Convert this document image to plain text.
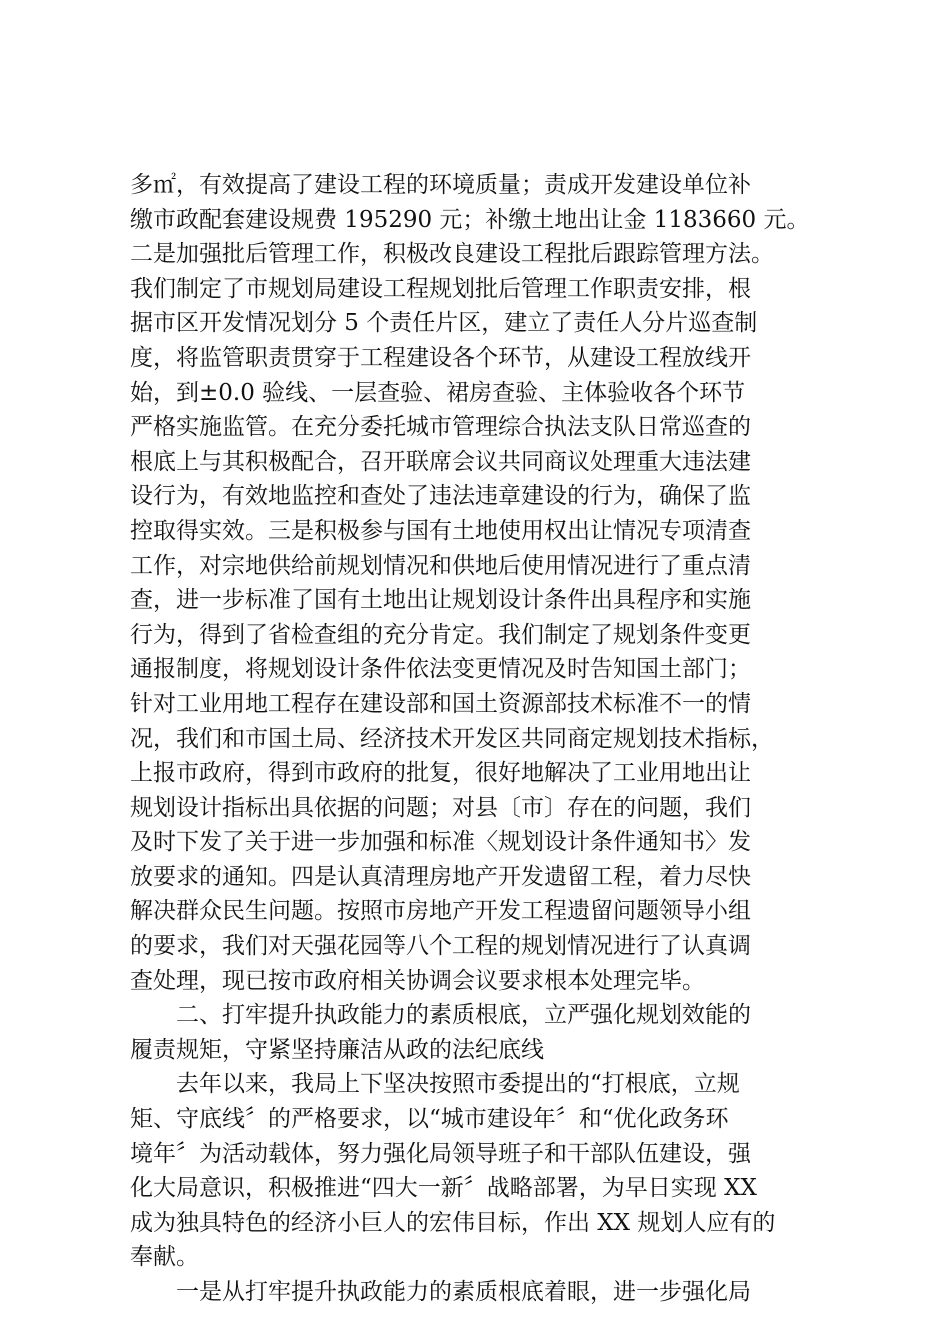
多㎡，有效提高了建设工程的环境质量；责成开发建设单位补
缴市政配套建设规费 195290 元；补缴土地出让金 1183660 元。
二是加强批后管理工作，积极改良建设工程批后跟踪管理方法。
我们制定了市规划局建设工程规划批后管理工作职责安排，根
据市区开发情况划分 5 个责任片区，建立了责任人分片巡查制
度，将监管职责贯穿于工程建设各个环节，从建设工程放线开
始，到±0.0 验线、一层查验、裙房查验、主体验收各个环节
严格实施监管。在充分委托城市管理综合执法支队日常巡查的
根底上与其积极配合，召开联席会议共同商议处理重大违法建
设行为，有效地监控和查处了违法违章建设的行为，确保了监
控取得实效。三是积极参与国有土地使用权出让情况专项清查
工作，对宗地供给前规划情况和供地后使用情况进行了重点清
查，进一步标准了国有土地出让规划设计条件出具程序和实施
行为，得到了省检查组的充分肯定。我们制定了规划条件变更
通报制度，将规划设计条件依法变更情况及时告知国土部门；
针对工业用地工程存在建设部和国土资源部技术标准不一的情
况，我们和市国土局、经济技术开发区共同商定规划技术指标，
上报市政府，得到市政府的批复，很好地解决了工业用地出让
规划设计指标出具依据的问题；对县〔市〕存在的问题，我们
及时下发了关于进一步加强和标准〈规划设计条件通知书〉发
放要求的通知。四是认真清理房地产开发遗留工程，着力尽快
解决群众民生问题。按照市房地产开发工程遗留问题领导小组
的要求，我们对天强花园等八个工程的规划情况进行了认真调
查处理，现已按市政府相关协调会议要求根本处理完毕。
二、打牢提升执政能力的素质根底，立严强化规划效能的
履责规矩，守紧坚持廉洁从政的法纪底线
去年以来，我局上下坚决按照市委提出的“打根底，立规
矩、守底线〞的严格要求，以“城市建设年〞和“优化政务环
境年〞为活动载体，努力强化局领导班子和干部队伍建设，强
化大局意识，积极推进“四大一新〞战略部署，为早日实现 XX
成为独具特色的经济小巨人的宏伟目标，作出 XX 规划人应有的
奉献。
一是从打牢提升执政能力的素质根底着眼，进一步强化局
